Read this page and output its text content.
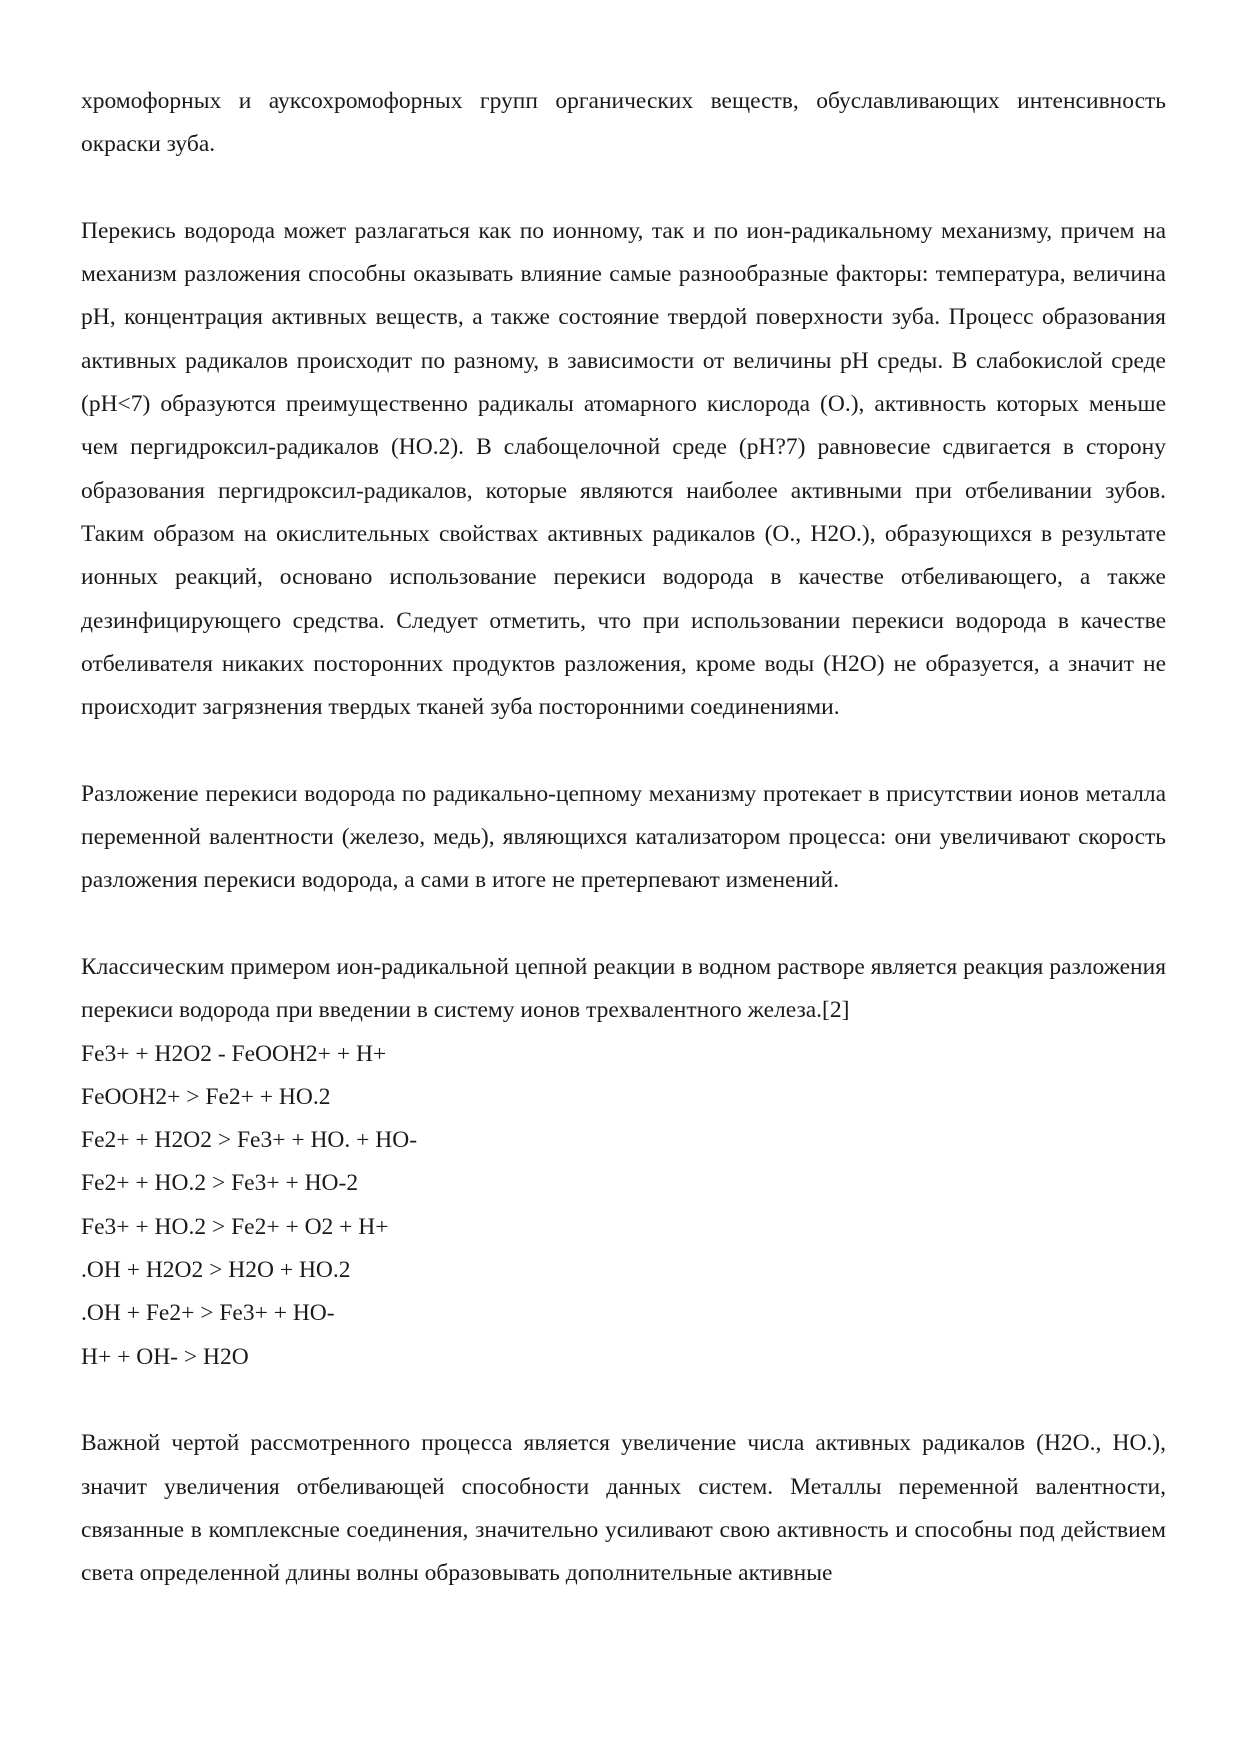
хромофорных и ауксохромофорных групп органических веществ, обуславливающих интенсивность окраски зуба.

Перекись водорода может разлагаться как по ионному, так и по ион-радикальному механизму, причем на механизм разложения способны оказывать влияние самые разнообразные факторы: температура, величина pH, концентрация активных веществ, а также состояние твердой поверхности зуба. Процесс образования активных радикалов происходит по разному, в зависимости от величины pH среды. В слабокислой среде (pH<7) образуются преимущественно радикалы атомарного кислорода (О.), активность которых меньше чем пергидроксил-радикалов (НО.2). В слабощелочной среде (pH?7) равновесие сдвигается в сторону образования пергидроксил-радикалов, которые являются наиболее активными при отбеливании зубов. Таким образом на окислительных свойствах активных радикалов (О., Н2О.), образующихся в результате ионных реакций, основано использование перекиси водорода в качестве отбеливающего, а также дезинфицирующего средства. Следует отметить, что при использовании перекиси водорода в качестве отбеливателя никаких посторонних продуктов разложения, кроме воды (Н2О) не образуется, а значит не происходит загрязнения твердых тканей зуба посторонними соединениями.

Разложение перекиси водорода по радикально-цепному механизму протекает в присутствии ионов металла переменной валентности (железо, медь), являющихся катализатором процесса: они увеличивают скорость разложения перекиси водорода, а сами в итоге не претерпевают изменений.

Классическим примером ион-радикальной цепной реакции в водном растворе является реакция разложения перекиси водорода при введении в систему ионов трехвалентного железа.[2]

Fe3+ + H2O2 - FeOOH2+ + H+
FeOOH2+ > Fe2+ + HO.2
Fe2+ + H2O2 > Fe3+ + HO. + HO-
Fe2+ + HO.2 > Fe3+ + HO-2
Fe3+ + HO.2 > Fe2+ + O2 + H+
.OH + H2O2 > H2O + HO.2
.OH + Fe2+ > Fe3+ + HO-
H+ + OH- > H2O

Важной чертой рассмотренного процесса является увеличение числа активных радикалов (Н2О., НО.), значит увеличения отбеливающей способности данных систем. Металлы переменной валентности, связанные в комплексные соединения, значительно усиливают свою активность и способны под действием света определенной длины волны образовывать дополнительные активные
